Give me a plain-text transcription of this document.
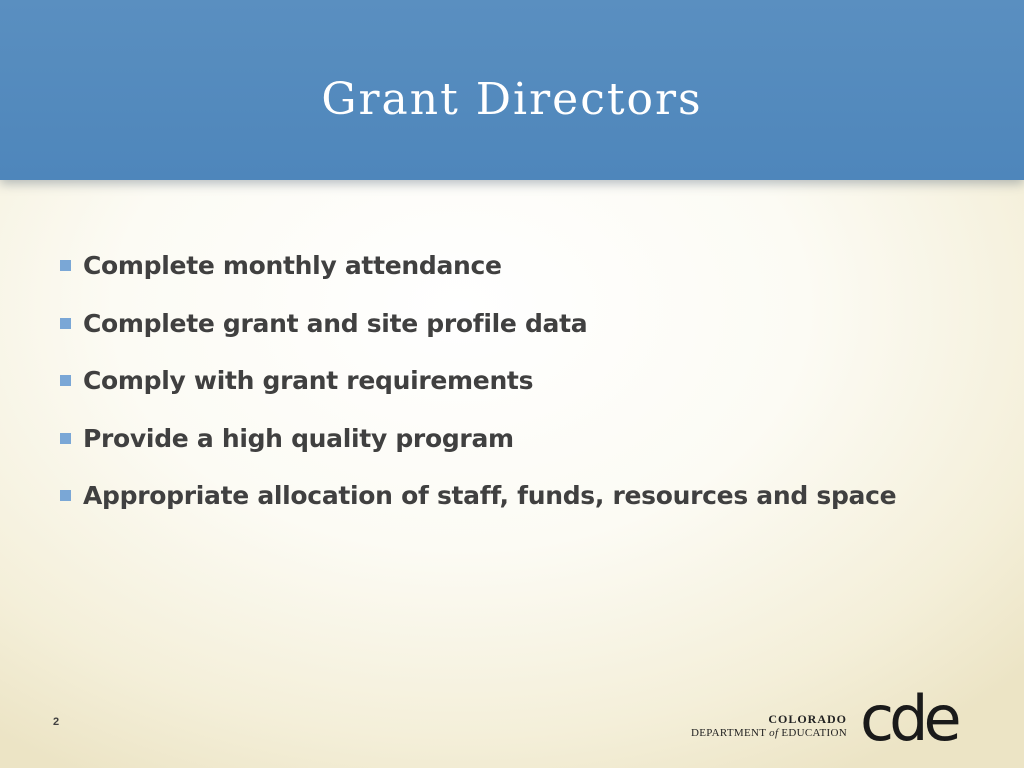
Grant Directors
Complete monthly attendance
Complete grant and site profile data
Comply with grant requirements
Provide a high quality program
Appropriate allocation of staff, funds, resources and space
2	COLORADO
DEPARTMENT of EDUCATION cde
